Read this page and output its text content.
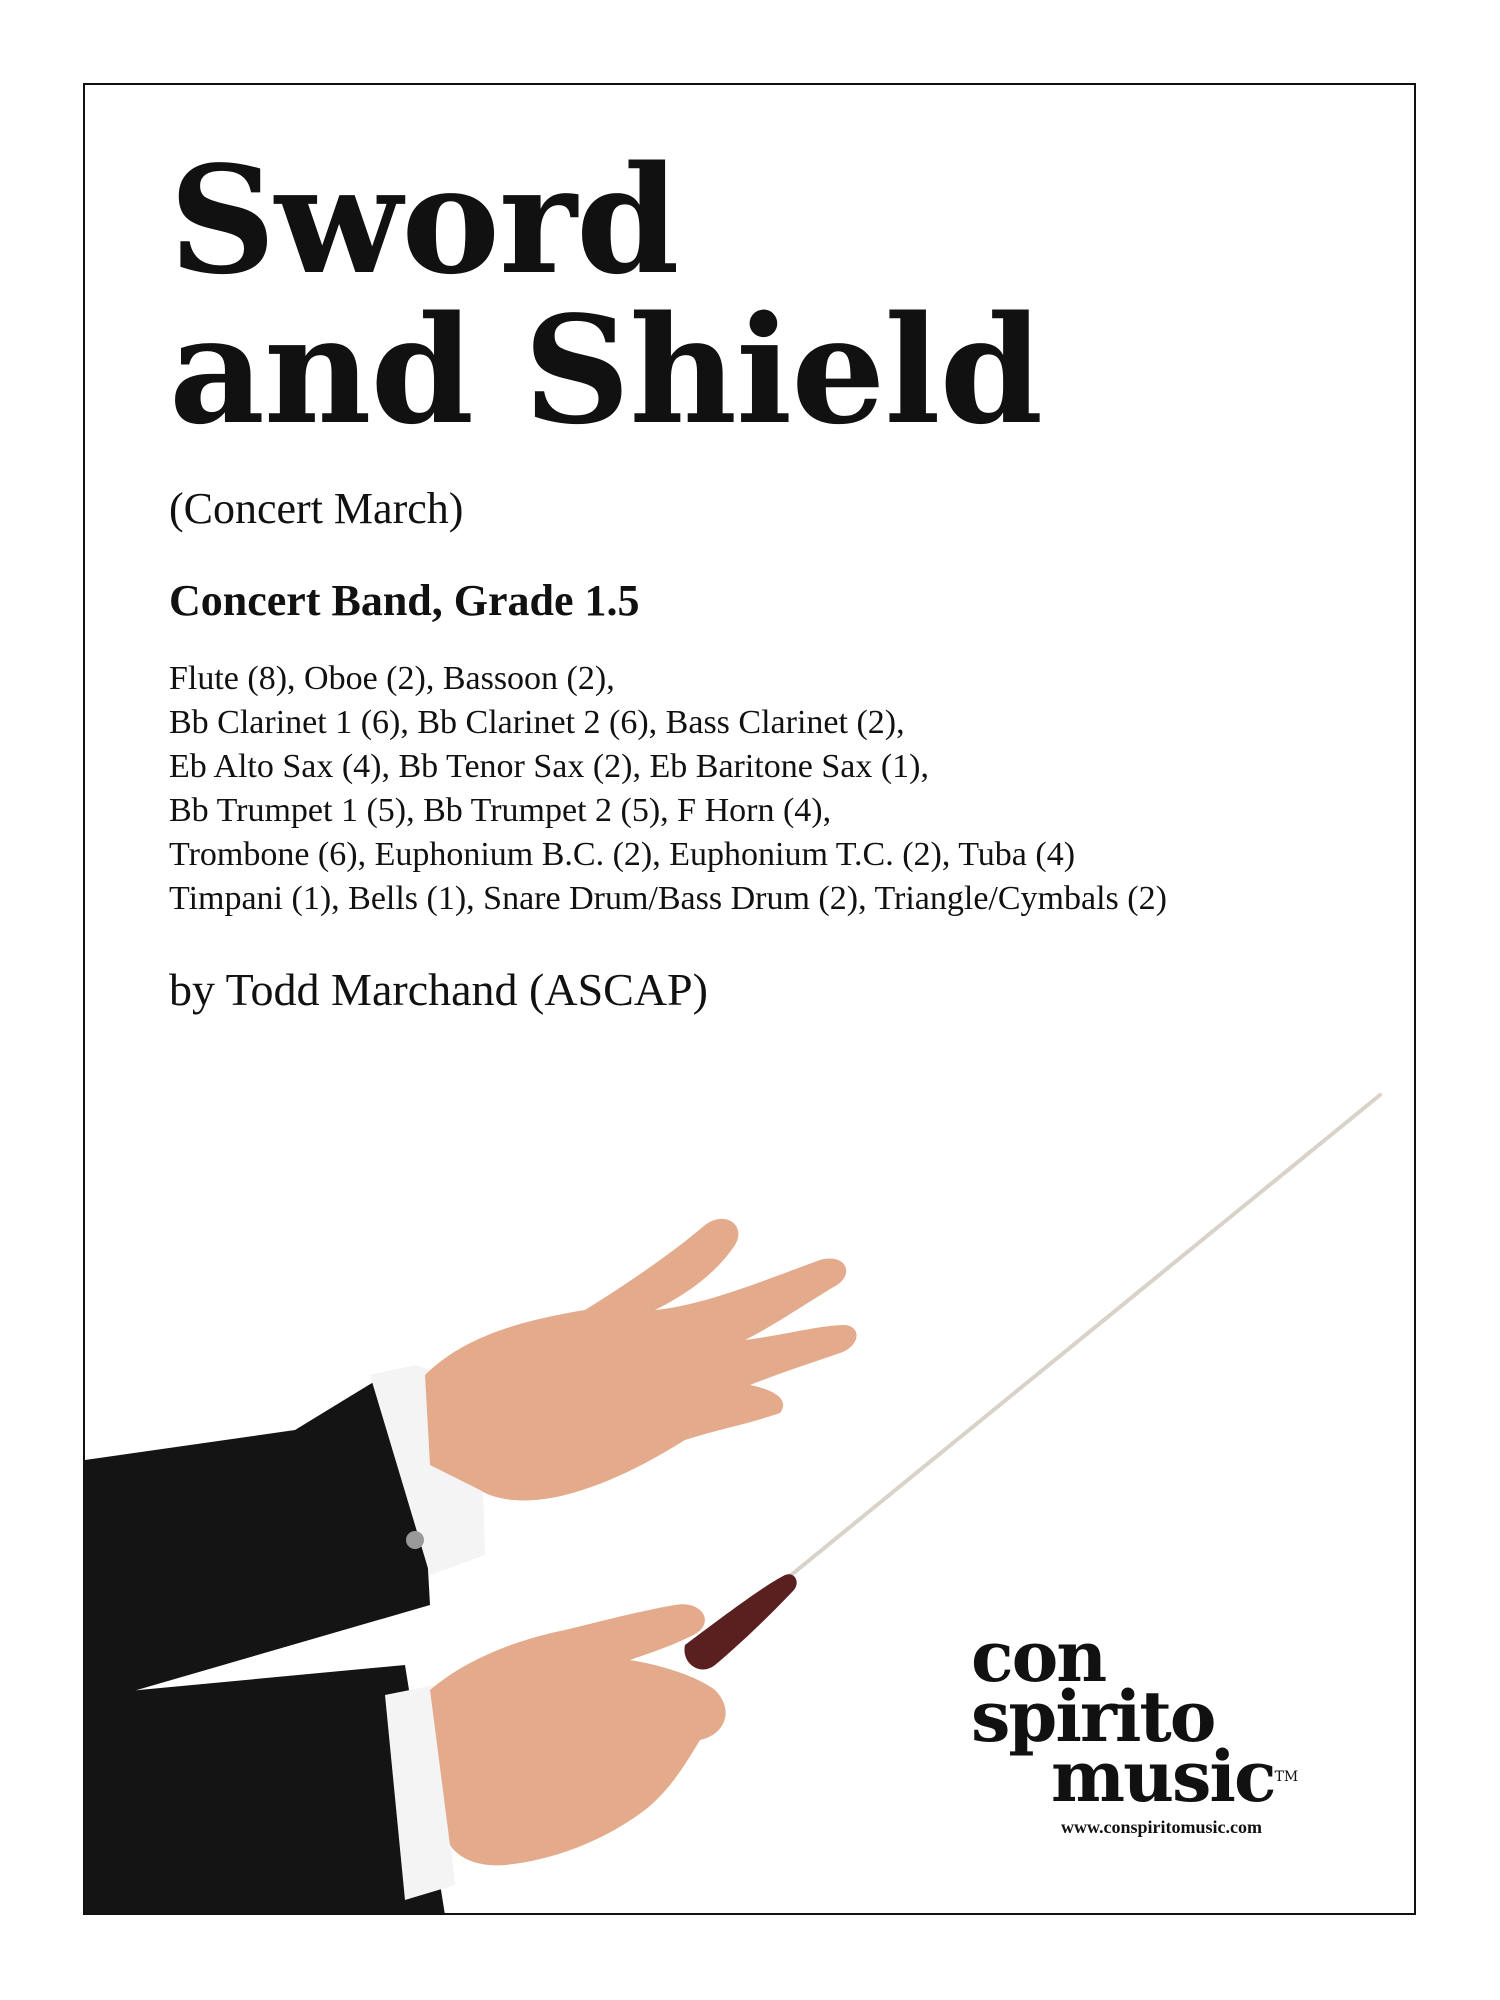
Sword
and Shield
(Concert March)
Concert Band, Grade 1.5
Flute (8), Oboe (2), Bassoon (2),
Bb Clarinet 1 (6), Bb Clarinet 2 (6), Bass Clarinet (2),
Eb Alto Sax (4), Bb Tenor Sax (2), Eb Baritone Sax (1),
Bb Trumpet 1 (5), Bb Trumpet 2 (5), F Horn (4),
Trombone (6), Euphonium B.C. (2), Euphonium T.C. (2), Tuba (4)
Timpani (1), Bells (1), Snare Drum/Bass Drum (2), Triangle/Cymbals (2)
by Todd Marchand (ASCAP)
con
spirito
music™
www.conspiritomusic.com
